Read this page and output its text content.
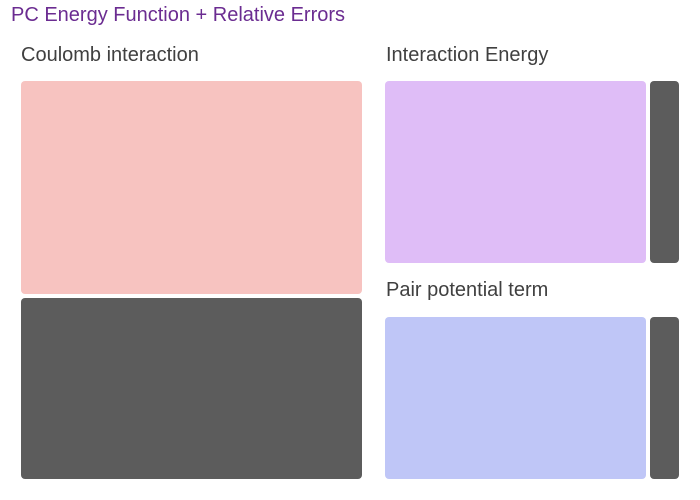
PC Energy Function + Relative Errors
Coulomb interaction	Interaction Energy
Pair potential term
